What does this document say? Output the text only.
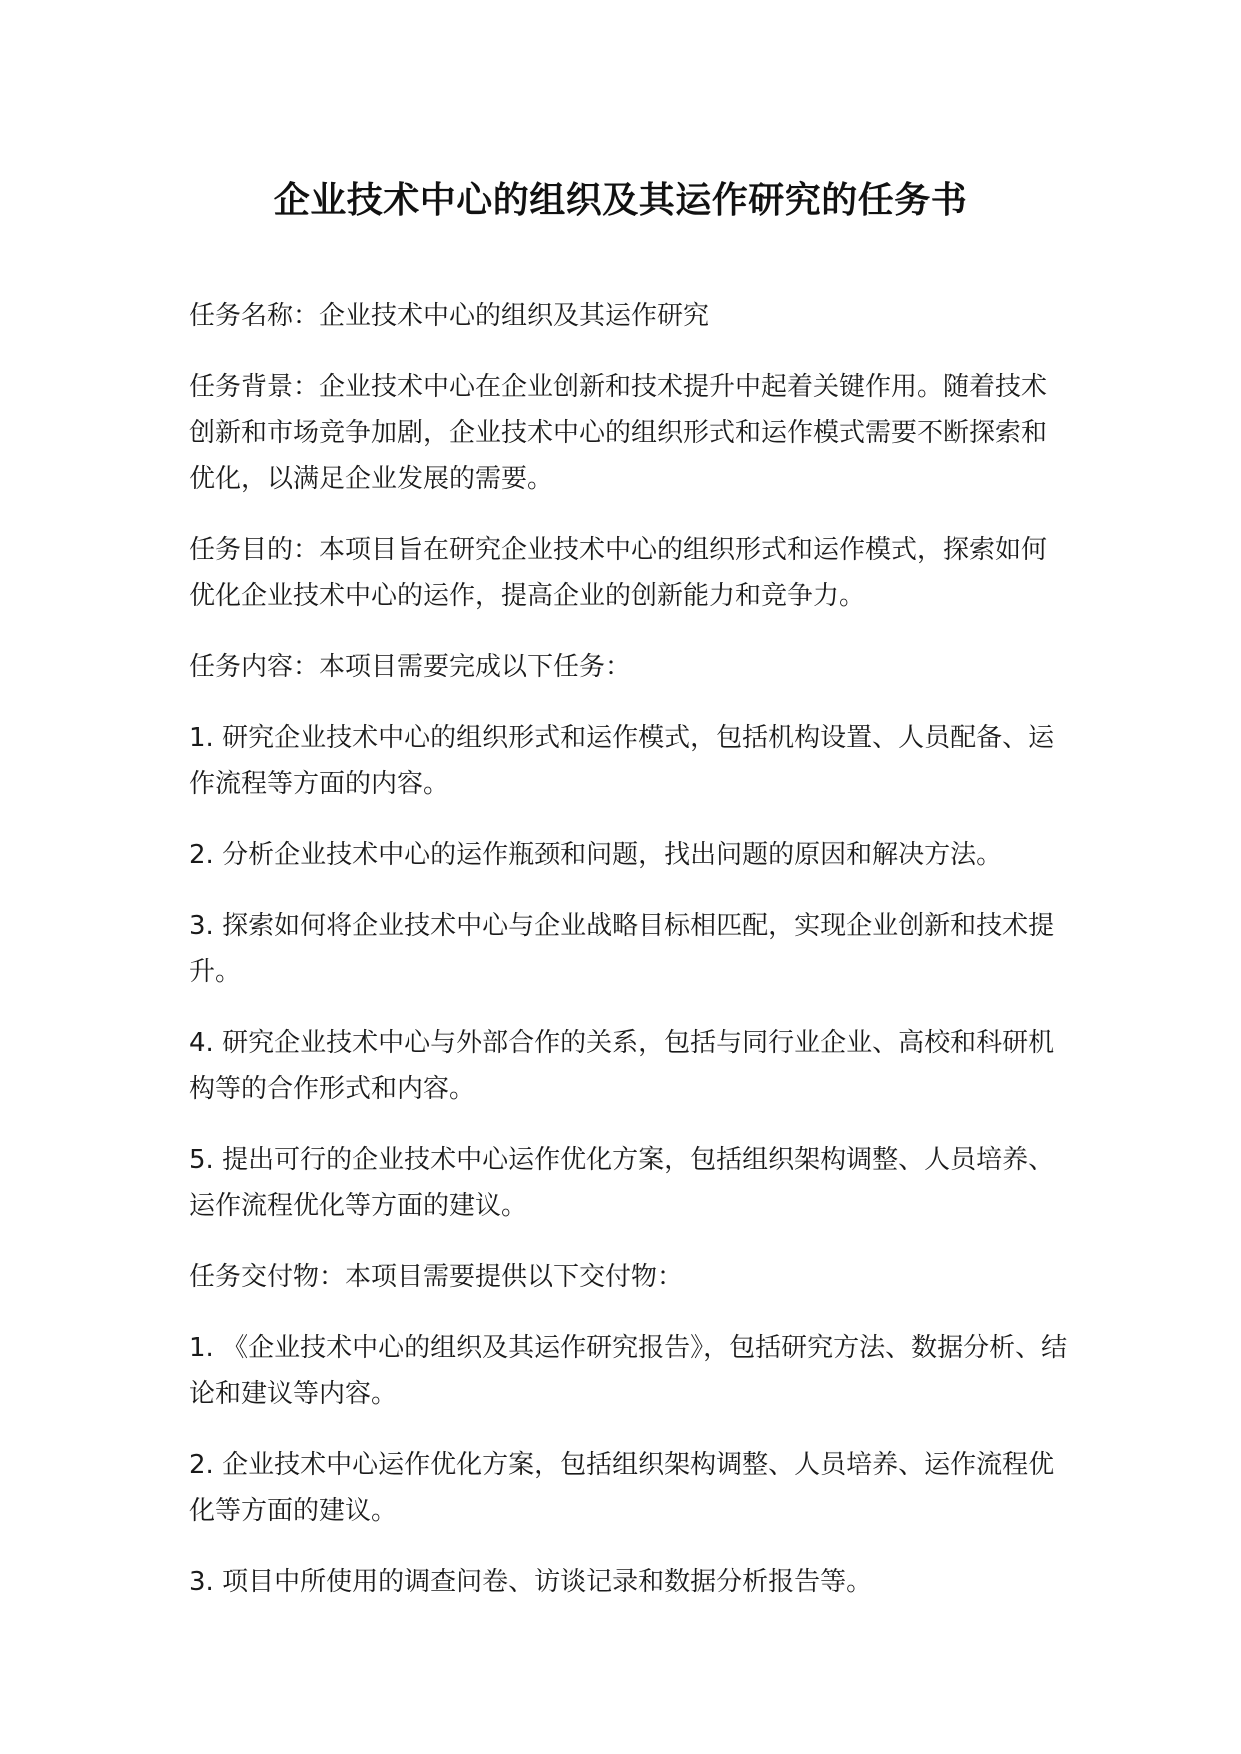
企业技术中心的组织及其运作研究的任务书

任务名称：企业技术中心的组织及其运作研究

任务背景：企业技术中心在企业创新和技术提升中起着关键作用。随着技术创新和市场竞争加剧，企业技术中心的组织形式和运作模式需要不断探索和优化，以满足企业发展的需要。

任务目的：本项目旨在研究企业技术中心的组织形式和运作模式，探索如何优化企业技术中心的运作，提高企业的创新能力和竞争力。

任务内容：本项目需要完成以下任务：

1. 研究企业技术中心的组织形式和运作模式，包括机构设置、人员配备、运作流程等方面的内容。

2. 分析企业技术中心的运作瓶颈和问题，找出问题的原因和解决方法。

3. 探索如何将企业技术中心与企业战略目标相匹配，实现企业创新和技术提升。

4. 研究企业技术中心与外部合作的关系，包括与同行业企业、高校和科研机构等的合作形式和内容。

5. 提出可行的企业技术中心运作优化方案，包括组织架构调整、人员培养、运作流程优化等方面的建议。

任务交付物：本项目需要提供以下交付物：

1. 《企业技术中心的组织及其运作研究报告》，包括研究方法、数据分析、结论和建议等内容。

2. 企业技术中心运作优化方案，包括组织架构调整、人员培养、运作流程优化等方面的建议。

3. 项目中所使用的调查问卷、访谈记录和数据分析报告等。
